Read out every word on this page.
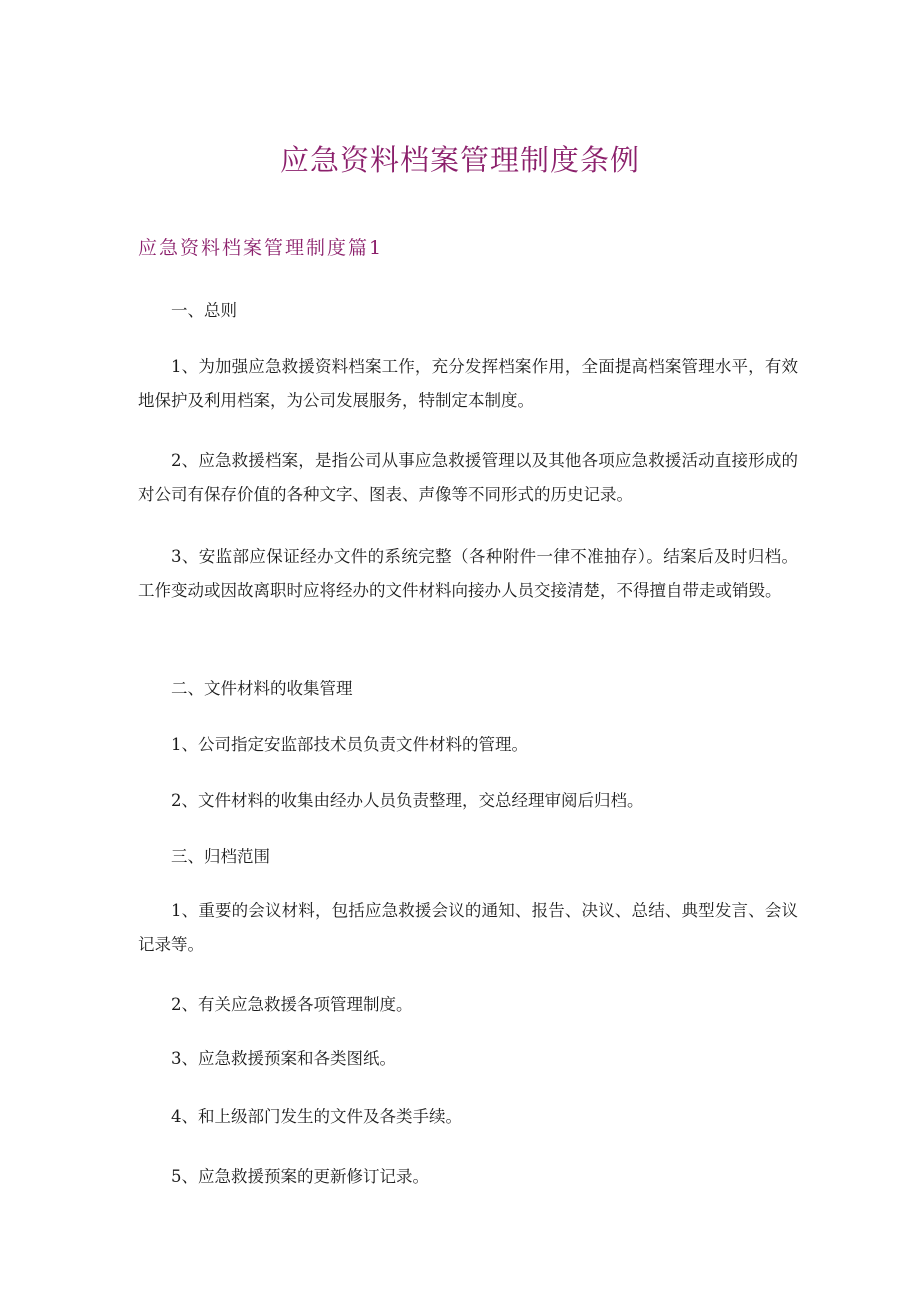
应急资料档案管理制度条例
应急资料档案管理制度篇1

一、总则

1、为加强应急救援资料档案工作，充分发挥档案作用，全面提高档案管理水平，有效地保护及利用档案，为公司发展服务，特制定本制度。

2、应急救援档案，是指公司从事应急救援管理以及其他各项应急救援活动直接形成的对公司有保存价值的各种文字、图表、声像等不同形式的历史记录。

3、安监部应保证经办文件的系统完整（各种附件一律不准抽存）。结案后及时归档。工作变动或因故离职时应将经办的文件材料向接办人员交接清楚，不得擅自带走或销毁。

二、文件材料的收集管理

1、公司指定安监部技术员负责文件材料的管理。

2、文件材料的收集由经办人员负责整理，交总经理审阅后归档。

三、归档范围

1、重要的会议材料，包括应急救援会议的通知、报告、决议、总结、典型发言、会议记录等。

2、有关应急救援各项管理制度。

3、应急救援预案和各类图纸。

4、和上级部门发生的文件及各类手续。

5、应急救援预案的更新修订记录。
